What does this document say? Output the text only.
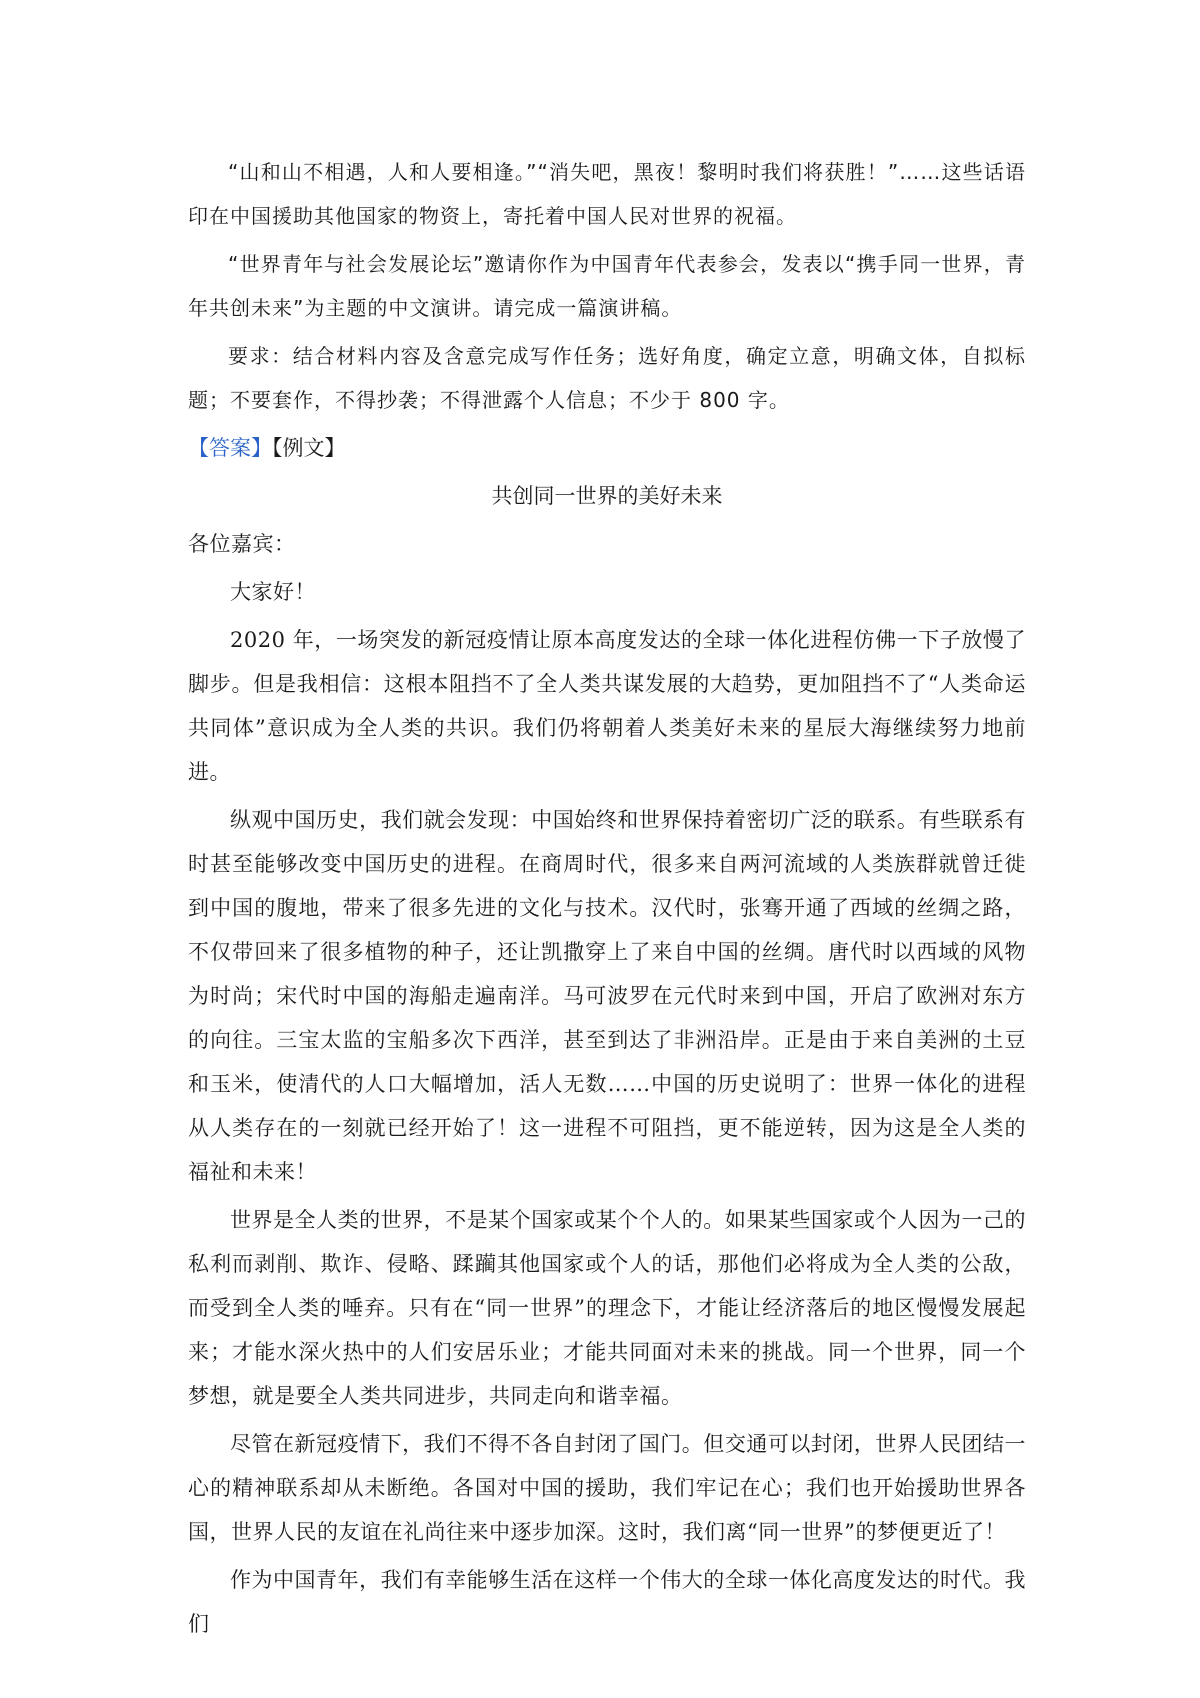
“山和山不相遇，人和人要相逢。”“消失吧，黑夜！黎明时我们将获胜！”……这些话语印在中国援助其他国家的物资上，寄托着中国人民对世界的祝福。

“世界青年与社会发展论坛”邀请你作为中国青年代表参会，发表以“携手同一世界，青年共创未来”为主题的中文演讲。请完成一篇演讲稿。

要求：结合材料内容及含意完成写作任务；选好角度，确定立意，明确文体，自拟标题；不要套作，不得抄袭；不得泄露个人信息；不少于 800 字。

【答案】【例文】
共创同一世界的美好未来

各位嘉宾：

大家好！

2020 年，一场突发的新冠疫情让原本高度发达的全球一体化进程仿佛一下子放慢了脚步。但是我相信：这根本阻挡不了全人类共谋发展的大趋势，更加阻挡不了“人类命运共同体”意识成为全人类的共识。我们仍将朝着人类美好未来的星辰大海继续努力地前进。

纵观中国历史，我们就会发现：中国始终和世界保持着密切广泛的联系。有些联系有时甚至能够改变中国历史的进程。在商周时代，很多来自两河流域的人类族群就曾迁徙到中国的腹地，带来了很多先进的文化与技术。汉代时，张骞开通了西域的丝绸之路，不仅带回来了很多植物的种子，还让凯撒穿上了来自中国的丝绸。唐代时以西域的风物为时尚；宋代时中国的海船走遍南洋。马可波罗在元代时来到中国，开启了欧洲对东方的向往。三宝太监的宝船多次下西洋，甚至到达了非洲沿岸。正是由于来自美洲的土豆和玉米，使清代的人口大幅增加，活人无数……中国的历史说明了：世界一体化的进程从人类存在的一刻就已经开始了！这一进程不可阻挡，更不能逆转，因为这是全人类的福祉和未来！

世界是全人类的世界，不是某个国家或某个个人的。如果某些国家或个人因为一己的私利而剥削、欺诈、侵略、蹂躏其他国家或个人的话，那他们必将成为全人类的公敌，而受到全人类的唾弃。只有在“同一世界”的理念下，才能让经济落后的地区慢慢发展起来；才能水深火热中的人们安居乐业；才能共同面对未来的挑战。同一个世界，同一个梦想，就是要全人类共同进步，共同走向和谐幸福。

尽管在新冠疫情下，我们不得不各自封闭了国门。但交通可以封闭，世界人民团结一心的精神联系却从未断绝。各国对中国的援助，我们牢记在心；我们也开始援助世界各国，世界人民的友谊在礼尚往来中逐步加深。这时，我们离“同一世界”的梦便更近了！

作为中国青年，我们有幸能够生活在这样一个伟大的全球一体化高度发达的时代。我们
